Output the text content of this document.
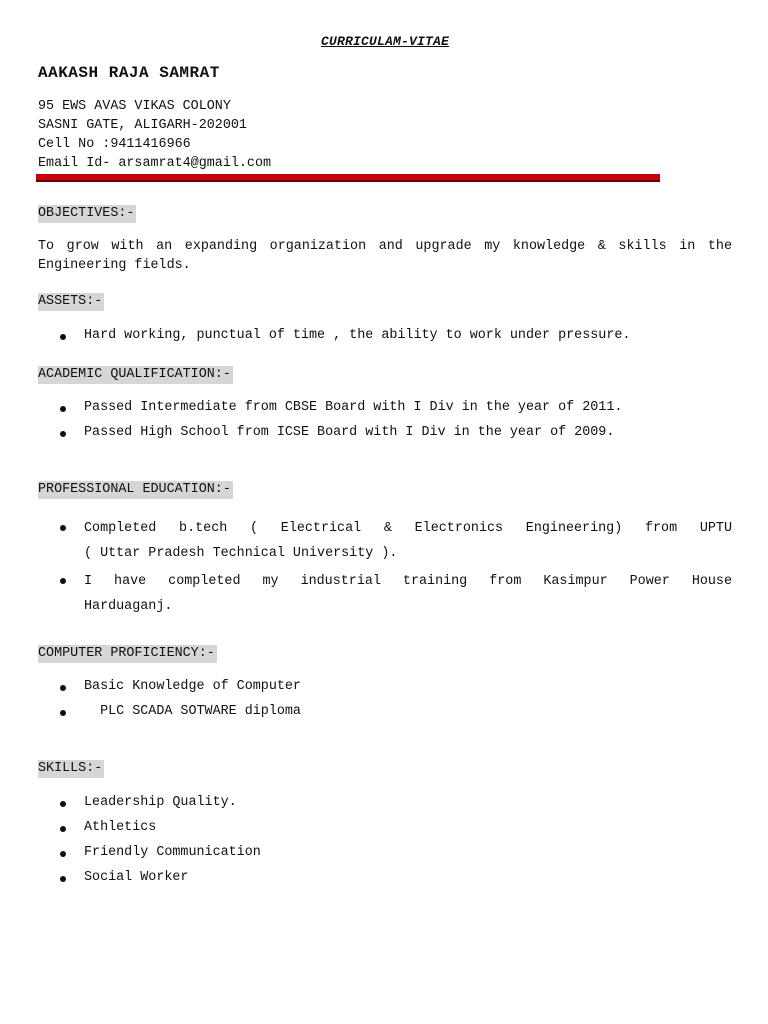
CURRICULAM-VITAE
AAKASH RAJA SAMRAT
95 EWS AVAS VIKAS COLONY
SASNI GATE, ALIGARH-202001
Cell No :9411416966
Email Id- arsamrat4@gmail.com
OBJECTIVES:-
To grow with an expanding organization and upgrade my knowledge & skills in the Engineering fields.
ASSETS:-
Hard working, punctual of time , the ability to work under pressure.
ACADEMIC QUALIFICATION:-
Passed Intermediate from CBSE Board with I Div in the year of 2011.
Passed High School from ICSE Board with I Div in the year of 2009.
PROFESSIONAL EDUCATION:-
Completed b.tech ( Electrical & Electronics Engineering) from UPTU
( Uttar Pradesh Technical University ).
I have completed my industrial training from Kasimpur Power House
Harduaganj.
COMPUTER PROFICIENCY:-
Basic Knowledge of Computer
PLC SCADA SOTWARE diploma
SKILLS:-
Leadership Quality.
Athletics
Friendly Communication
Social Worker
